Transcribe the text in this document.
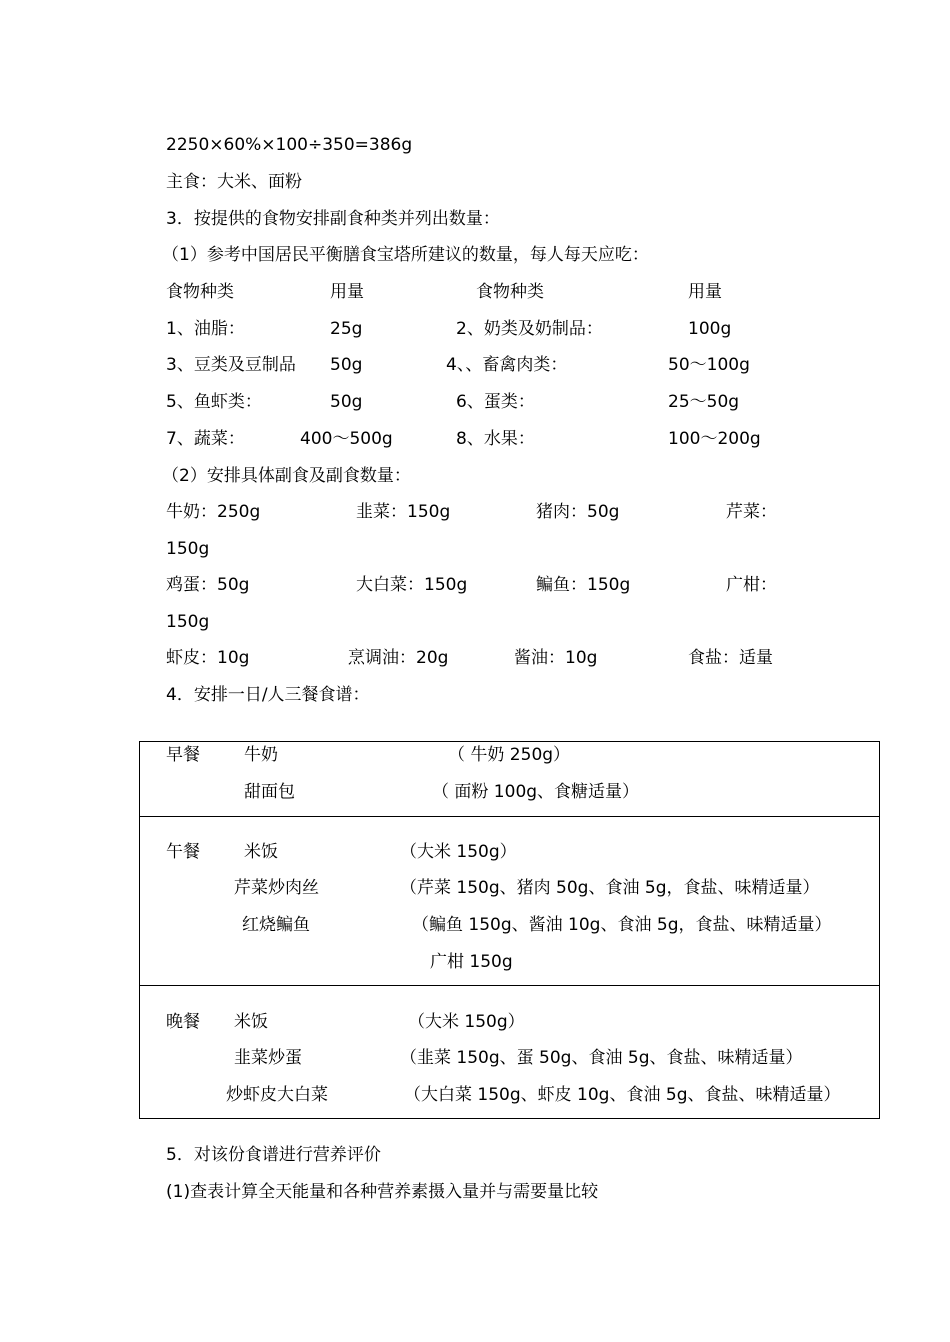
2250×60%×100÷350=386g
主食：大米、面粉
3．按提供的食物安排副食种类并列出数量：
（1）参考中国居民平衡膳食宝塔所建议的数量，每人每天应吃：
食物种类	用量	食物种类	用量
1、油脂：	25g	2、奶类及奶制品：	100g
3、豆类及豆制品 50g	4、、畜禽肉类：	50～100g
5、鱼虾类：	50g	6、蛋类：	25～50g
7、蔬菜：	400～500g	8、水果：	100～200g
（2）安排具体副食及副食数量：
牛奶：250g	韭菜：150g	猪肉：50g	芹菜：
150g
鸡蛋：50g	大白菜：150g	鳊鱼：150g	广柑：
150g
虾皮：10g	烹调油：20g	酱油：10g	食盐：适量
4．安排一日/人三餐食谱：
早餐	牛奶	（ 牛奶 250g）
甜面包	（ 面粉 100g、食糖适量）
午餐	米饭	（大米 150g）
芹菜炒肉丝	（芹菜 150g、猪肉 50g、食油 5g，食盐、味精适量）
红烧鳊鱼	（鳊鱼 150g、酱油 10g、食油 5g，食盐、味精适量）
广柑 150g
晚餐 米饭	（大米 150g）
韭菜炒蛋	（韭菜 150g、蛋 50g、食油 5g、食盐、味精适量）
炒虾皮大白菜	（大白菜 150g、虾皮 10g、食油 5g、食盐、味精适量）
5．对该份食谱进行营养评价
(1)查表计算全天能量和各种营养素摄入量并与需要量比较
